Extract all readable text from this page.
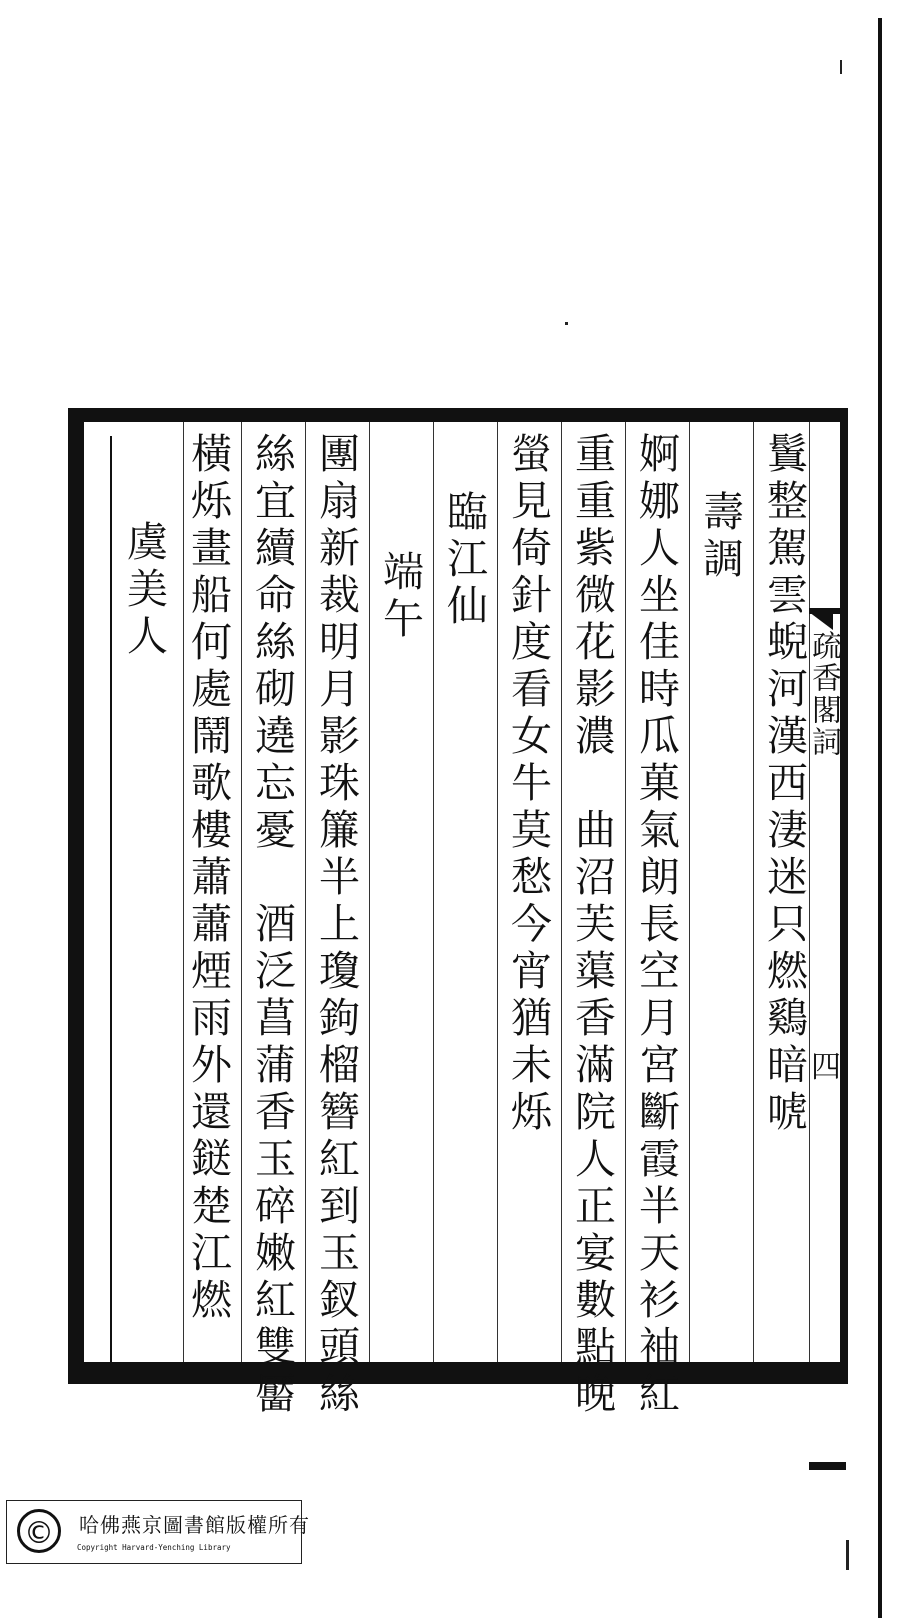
鬒整駕雲蜺河漢西淒迷只燃鷄暗唬
壽調
婀娜人坐佳時瓜菓氣朗長空月宮斷霞半天衫袖紅
重重紫微花影濃　曲沼芙蕖香滿院人正宴數點晚
螢見倚針度看女牛莫愁今宵猶未烁
臨江仙
端午
團扇新裁明月影珠簾半上瓊鉤榴簪紅到玉釵頭絲
絲宜續命絲砌遶忘憂　酒泛菖蒲香玉碎嫩紅雙靨
橫烁畫船何處鬧歌樓蕭蕭煙雨外還鎹楚江燃
虞美人
疏香閣詞
四
©	哈佛燕京圖書館版權所有
Copyright Harvard-Yenching Library
